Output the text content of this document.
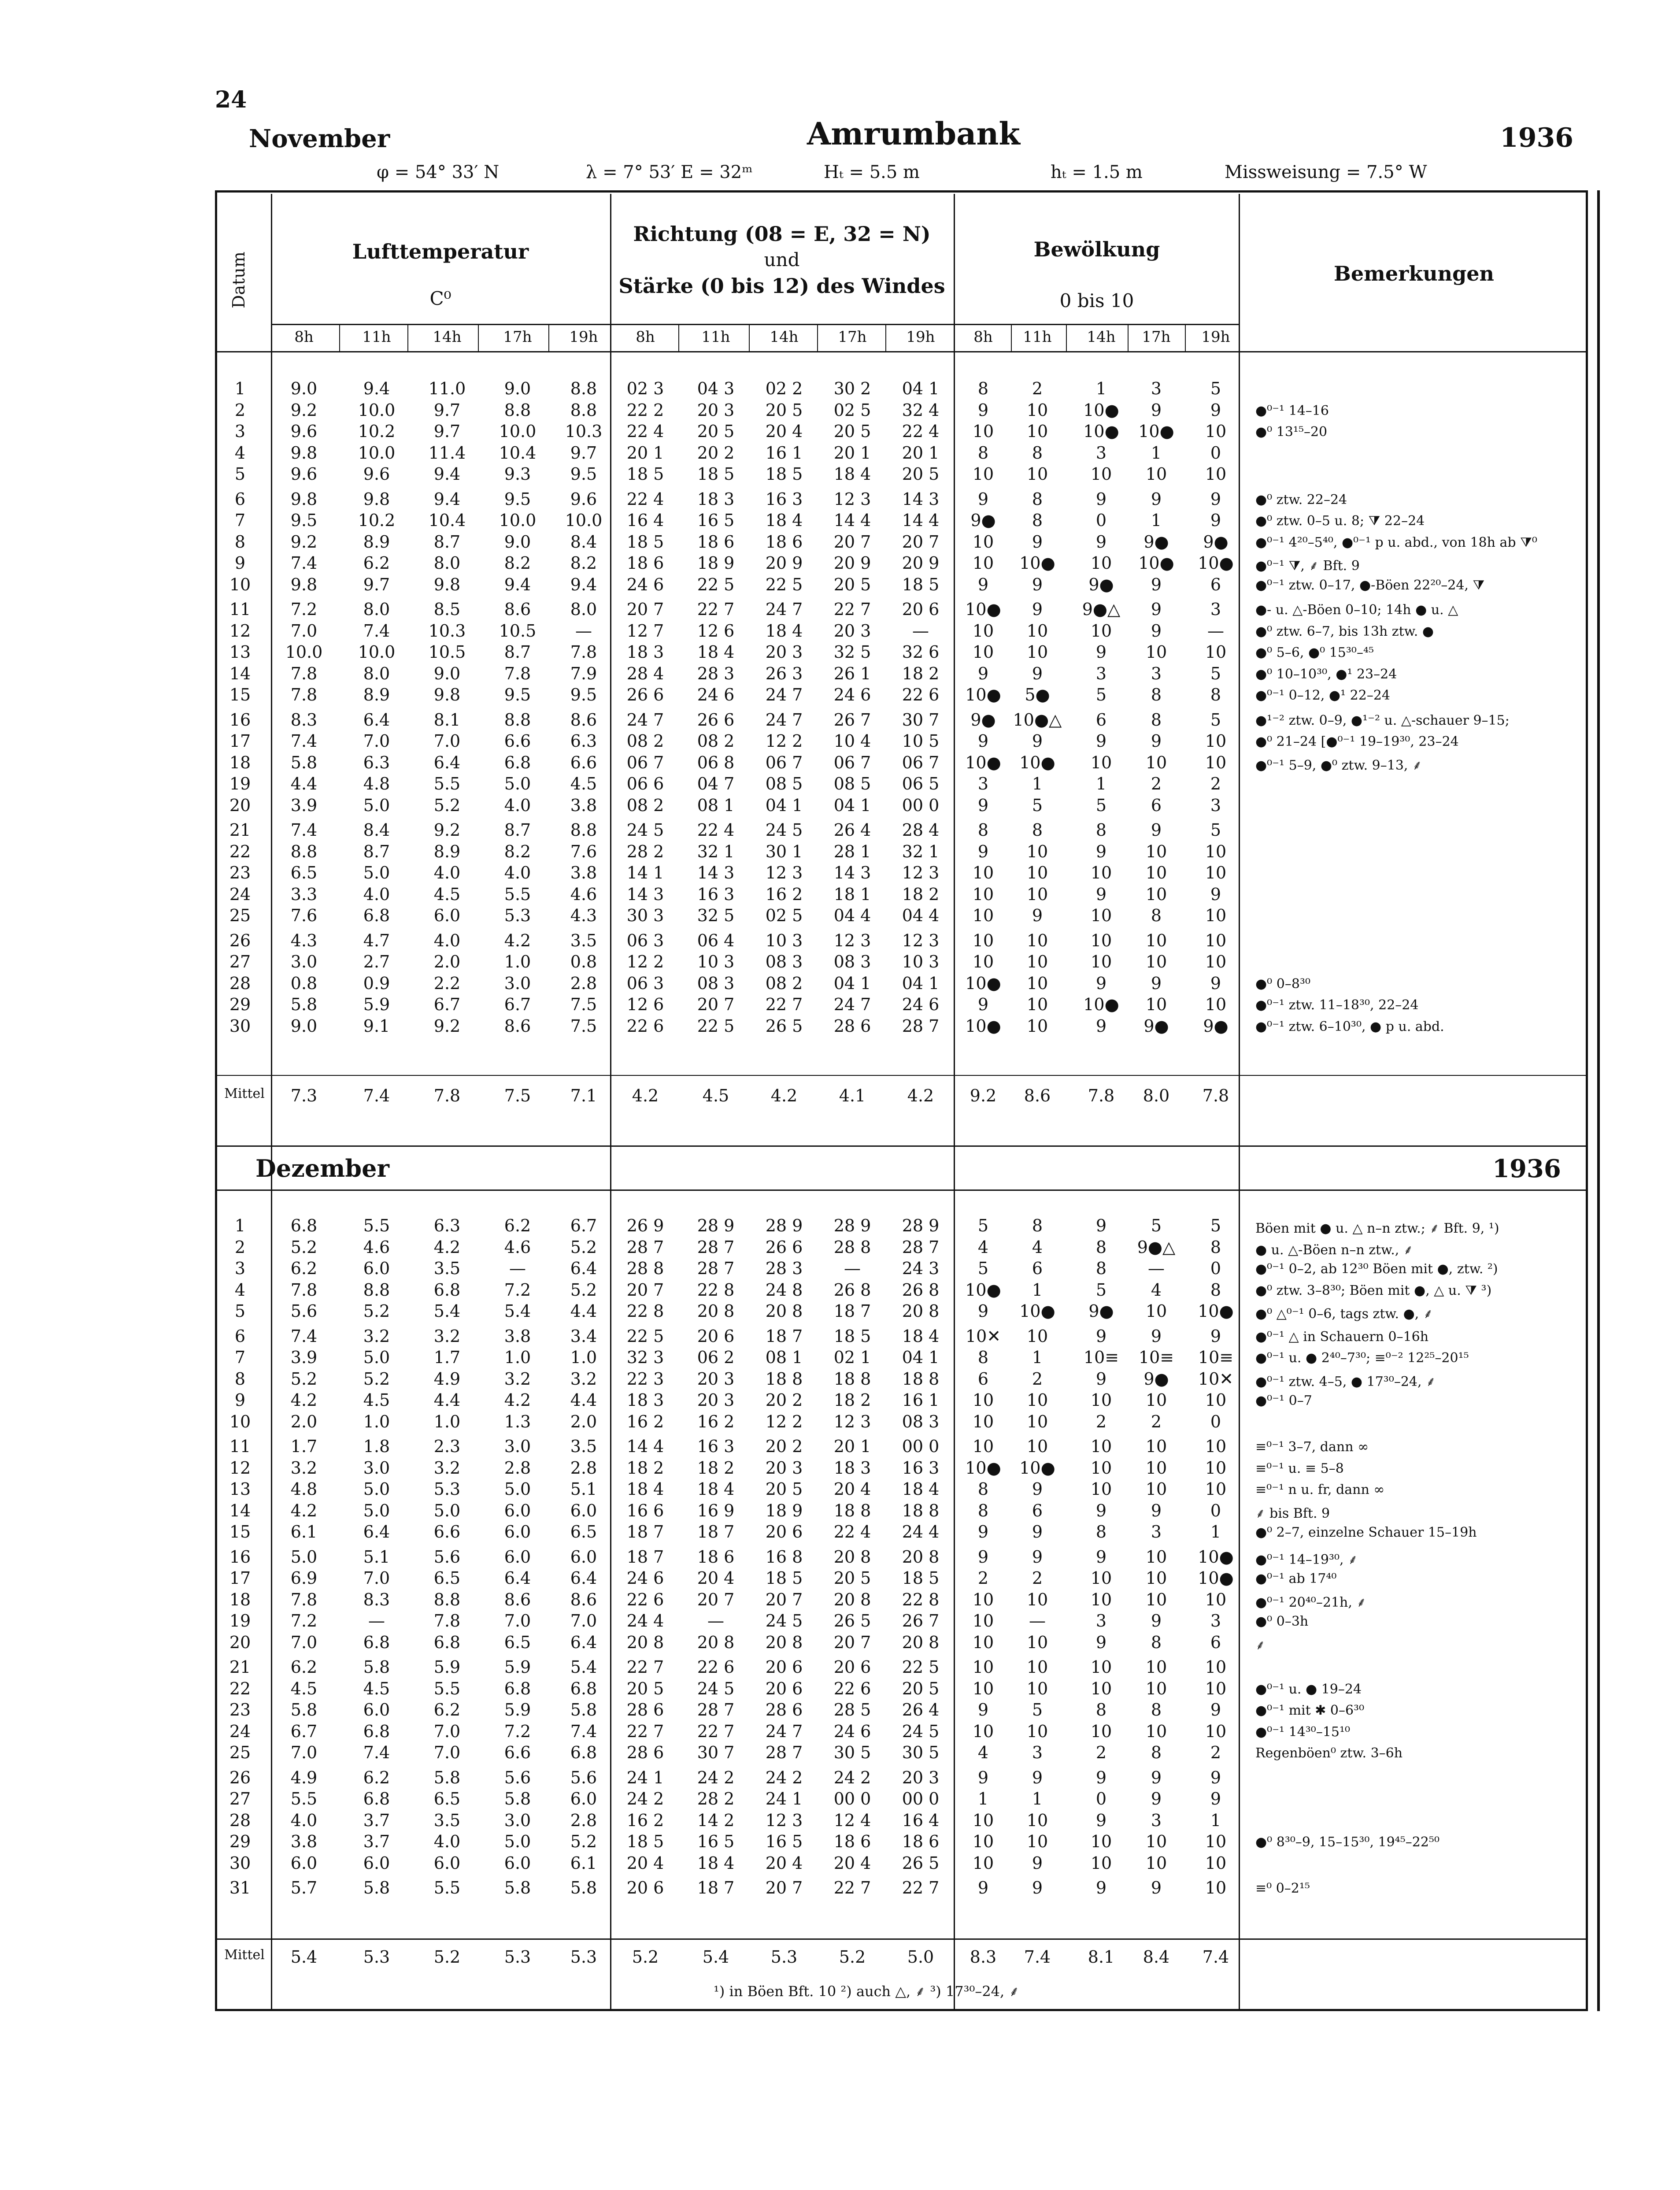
24
November	Amrumbank	1936
φ = 54° 33′ N	λ = 7° 53′ E = 32ᵐ	Hₜ = 5.5 m	hₜ = 1.5 m	Missweisung = 7.5° W
Datum
Lufttemperatur
C⁰
Richtung (08 = E, 32 = N)
und
Stärke (0 bis 12) des Windes
Bewölkung
0 bis 10
Bemerkungen
8h	11h	14h	17h	19h	8h	11h	14h	17h	19h	8h	11h	14h	17h	19h
1	9.0	9.4	11.0	9.0	8.8	02 3	04 3	02 2	30 2	04 1	8	2	1	3	5
2	9.2	10.0	9.7	8.8	8.8	22 2	20 3	20 5	02 5	32 4	9	10	10●	9	9	●⁰⁻¹ 14–16
3	9.6	10.2	9.7	10.0	10.3	22 4	20 5	20 4	20 5	22 4	10	10	10●	10●	10	●⁰ 13¹⁵–20
4	9.8	10.0	11.4	10.4	9.7	20 1	20 2	16 1	20 1	20 1	8	8	3	1	0
5	9.6	9.6	9.4	9.3	9.5	18 5	18 5	18 5	18 4	20 5	10	10	10	10	10
6	9.8	9.8	9.4	9.5	9.6	22 4	18 3	16 3	12 3	14 3	9	8	9	9	9	●⁰ ztw. 22–24
7	9.5	10.2	10.4	10.0	10.0	16 4	16 5	18 4	14 4	14 4	9●	8	0	1	9	●⁰ ztw. 0–5 u. 8; ⧩ 22–24
8	9.2	8.9	8.7	9.0	8.4	18 5	18 6	18 6	20 7	20 7	10	9	9	9●	9●	●⁰⁻¹ 4²⁰–5⁴⁰, ●⁰⁻¹ p u. abd., von 18h ab ⧩⁰
9	7.4	6.2	8.0	8.2	8.2	18 6	18 9	20 9	20 9	20 9	10	10●	10	10●	10●	●⁰⁻¹ ⧩, ⸙ Bft. 9
10	9.8	9.7	9.8	9.4	9.4	24 6	22 5	22 5	20 5	18 5	9	9	9●	9	6	●⁰⁻¹ ztw. 0–17, ●-Böen 22²⁰–24, ⧩
11	7.2	8.0	8.5	8.6	8.0	20 7	22 7	24 7	22 7	20 6	10●	9	9●△	9	3	●- u. △-Böen 0–10; 14h ● u. △
12	7.0	7.4	10.3	10.5	—	12 7	12 6	18 4	20 3	—	10	10	10	9	—	●⁰ ztw. 6–7, bis 13h ztw. ●
13	10.0	10.0	10.5	8.7	7.8	18 3	18 4	20 3	32 5	32 6	10	10	9	10	10	●⁰ 5–6, ●⁰ 15³⁰–⁴⁵
14	7.8	8.0	9.0	7.8	7.9	28 4	28 3	26 3	26 1	18 2	9	9	3	3	5	●⁰ 10–10³⁰, ●¹ 23–24
15	7.8	8.9	9.8	9.5	9.5	26 6	24 6	24 7	24 6	22 6	10●	5●	5	8	8	●⁰⁻¹ 0–12, ●¹ 22–24
16	8.3	6.4	8.1	8.8	8.6	24 7	26 6	24 7	26 7	30 7	9●	10●△	6	8	5	●¹⁻² ztw. 0–9, ●¹⁻² u. △-schauer 9–15;
17	7.4	7.0	7.0	6.6	6.3	08 2	08 2	12 2	10 4	10 5	9	9	9	9	10	●⁰ 21–24 [●⁰⁻¹ 19–19³⁰, 23–24
18	5.8	6.3	6.4	6.8	6.6	06 7	06 8	06 7	06 7	06 7	10●	10●	10	10	10	●⁰⁻¹ 5–9, ●⁰ ztw. 9–13, ⸙
19	4.4	4.8	5.5	5.0	4.5	06 6	04 7	08 5	08 5	06 5	3	1	1	2	2
20	3.9	5.0	5.2	4.0	3.8	08 2	08 1	04 1	04 1	00 0	9	5	5	6	3
21	7.4	8.4	9.2	8.7	8.8	24 5	22 4	24 5	26 4	28 4	8	8	8	9	5
22	8.8	8.7	8.9	8.2	7.6	28 2	32 1	30 1	28 1	32 1	9	10	9	10	10
23	6.5	5.0	4.0	4.0	3.8	14 1	14 3	12 3	14 3	12 3	10	10	10	10	10
24	3.3	4.0	4.5	5.5	4.6	14 3	16 3	16 2	18 1	18 2	10	10	9	10	9
25	7.6	6.8	6.0	5.3	4.3	30 3	32 5	02 5	04 4	04 4	10	9	10	8	10
26	4.3	4.7	4.0	4.2	3.5	06 3	06 4	10 3	12 3	12 3	10	10	10	10	10
27	3.0	2.7	2.0	1.0	0.8	12 2	10 3	08 3	08 3	10 3	10	10	10	10	10
28	0.8	0.9	2.2	3.0	2.8	06 3	08 3	08 2	04 1	04 1	10●	10	9	9	9	●⁰ 0–8³⁰
29	5.8	5.9	6.7	6.7	7.5	12 6	20 7	22 7	24 7	24 6	9	10	10●	10	10	●⁰⁻¹ ztw. 11–18³⁰, 22–24
30	9.0	9.1	9.2	8.6	7.5	22 6	22 5	26 5	28 6	28 7	10●	10	9	9●	9●	●⁰⁻¹ ztw. 6–10³⁰, ● p u. abd.
Mittel	7.3	7.4	7.8	7.5	7.1	4.2	4.5	4.2	4.1	4.2	9.2	8.6	7.8	8.0	7.8
1	6.8	5.5	6.3	6.2	6.7	26 9	28 9	28 9	28 9	28 9	5	8	9	5	5	Böen mit ● u. △ n–n ztw.; ⸙ Bft. 9, ¹)
2	5.2	4.6	4.2	4.6	5.2	28 7	28 7	26 6	28 8	28 7	4	4	8	9●△	8	● u. △-Böen n–n ztw., ⸙
3	6.2	6.0	3.5	—	6.4	28 8	28 7	28 3	—	24 3	5	6	8	—	0	●⁰⁻¹ 0–2, ab 12³⁰ Böen mit ●, ztw. ²)
4	7.8	8.8	6.8	7.2	5.2	20 7	22 8	24 8	26 8	26 8	10●	1	5	4	8	●⁰ ztw. 3–8³⁰; Böen mit ●, △ u. ⧩ ³)
5	5.6	5.2	5.4	5.4	4.4	22 8	20 8	20 8	18 7	20 8	9	10●	9●	10	10●	●⁰ △⁰⁻¹ 0–6, tags ztw. ●, ⸙
6	7.4	3.2	3.2	3.8	3.4	22 5	20 6	18 7	18 5	18 4	10✕	10	9	9	9	●⁰⁻¹ △ in Schauern 0–16h
7	3.9	5.0	1.7	1.0	1.0	32 3	06 2	08 1	02 1	04 1	8	1	10≡	10≡	10≡	●⁰⁻¹ u. ● 2⁴⁰–7³⁰; ≡⁰⁻² 12²⁵–20¹⁵
8	5.2	5.2	4.9	3.2	3.2	22 3	20 3	18 8	18 8	18 8	6	2	9	9●	10✕	●⁰⁻¹ ztw. 4–5, ● 17³⁰–24, ⸙
9	4.2	4.5	4.4	4.2	4.4	18 3	20 3	20 2	18 2	16 1	10	10	10	10	10	●⁰⁻¹ 0–7
10	2.0	1.0	1.0	1.3	2.0	16 2	16 2	12 2	12 3	08 3	10	10	2	2	0
11	1.7	1.8	2.3	3.0	3.5	14 4	16 3	20 2	20 1	00 0	10	10	10	10	10	≡⁰⁻¹ 3–7, dann ∞
12	3.2	3.0	3.2	2.8	2.8	18 2	18 2	20 3	18 3	16 3	10●	10●	10	10	10	≡⁰⁻¹ u. ≡ 5–8
13	4.8	5.0	5.3	5.0	5.1	18 4	18 4	20 5	20 4	18 4	8	9	10	10	10	≡⁰⁻¹ n u. fr, dann ∞
14	4.2	5.0	5.0	6.0	6.0	16 6	16 9	18 9	18 8	18 8	8	6	9	9	0	⸙ bis Bft. 9
15	6.1	6.4	6.6	6.0	6.5	18 7	18 7	20 6	22 4	24 4	9	9	8	3	1	●⁰ 2–7, einzelne Schauer 15–19h
16	5.0	5.1	5.6	6.0	6.0	18 7	18 6	16 8	20 8	20 8	9	9	9	10	10●	●⁰⁻¹ 14–19³⁰, ⸙
17	6.9	7.0	6.5	6.4	6.4	24 6	20 4	18 5	20 5	18 5	2	2	10	10	10●	●⁰⁻¹ ab 17⁴⁰
18	7.8	8.3	8.8	8.6	8.6	22 6	20 7	20 7	20 8	22 8	10	10	10	10	10	●⁰⁻¹ 20⁴⁰–21h, ⸙
19	7.2	—	7.8	7.0	7.0	24 4	—	24 5	26 5	26 7	10	—	3	9	3	●⁰ 0–3h
20	7.0	6.8	6.8	6.5	6.4	20 8	20 8	20 8	20 7	20 8	10	10	9	8	6	⸙
21	6.2	5.8	5.9	5.9	5.4	22 7	22 6	20 6	20 6	22 5	10	10	10	10	10
22	4.5	4.5	5.5	6.8	6.8	20 5	24 5	20 6	22 6	20 5	10	10	10	10	10	●⁰⁻¹ u. ● 19–24
23	5.8	6.0	6.2	5.9	5.8	28 6	28 7	28 6	28 5	26 4	9	5	8	8	9	●⁰⁻¹ mit ✱ 0–6³⁰
24	6.7	6.8	7.0	7.2	7.4	22 7	22 7	24 7	24 6	24 5	10	10	10	10	10	●⁰⁻¹ 14³⁰–15¹⁰
25	7.0	7.4	7.0	6.6	6.8	28 6	30 7	28 7	30 5	30 5	4	3	2	8	2	Regenböen⁰ ztw. 3–6h
26	4.9	6.2	5.8	5.6	5.6	24 1	24 2	24 2	24 2	20 3	9	9	9	9	9
27	5.5	6.8	6.5	5.8	6.0	24 2	28 2	24 1	00 0	00 0	1	1	0	9	9
28	4.0	3.7	3.5	3.0	2.8	16 2	14 2	12 3	12 4	16 4	10	10	9	3	1
29	3.8	3.7	4.0	5.0	5.2	18 5	16 5	16 5	18 6	18 6	10	10	10	10	10	●⁰ 8³⁰–9, 15–15³⁰, 19⁴⁵–22⁵⁰
30	6.0	6.0	6.0	6.0	6.1	20 4	18 4	20 4	20 4	26 5	10	9	10	10	10
31	5.7	5.8	5.5	5.8	5.8	20 6	18 7	20 7	22 7	22 7	9	9	9	9	10	≡⁰ 0–2¹⁵
Mittel	5.4	5.3	5.2	5.3	5.3	5.2	5.4	5.3	5.2	5.0	8.3	7.4	8.1	8.4	7.4
Dezember	1936
¹) in Böen Bft. 10 ²) auch △, ⸙ ³) 17³⁰–24, ⸙
